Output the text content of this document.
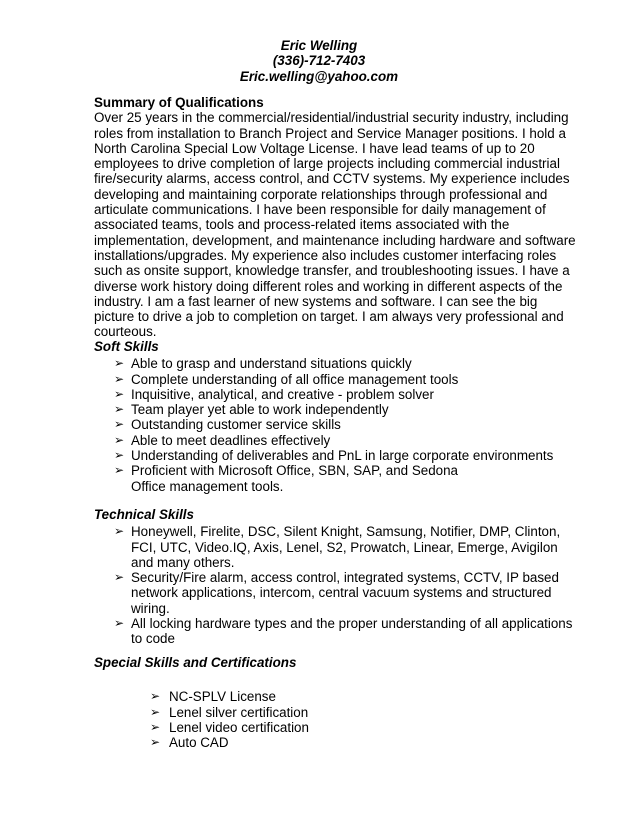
Eric Welling
(336)-712-7403
Eric.welling@yahoo.com
Summary of Qualifications
Over 25 years in the commercial/residential/industrial security industry, including
roles from installation to Branch Project and Service Manager positions. I hold a
North Carolina Special Low Voltage License. I have lead teams of up to 20
employees to drive completion of large projects including commercial industrial
fire/security alarms, access control, and CCTV systems. My experience includes
developing and maintaining corporate relationships through professional and
articulate communications. I have been responsible for daily management of
associated teams, tools and process-related items associated with the
implementation, development, and maintenance including hardware and software
installations/upgrades. My experience also includes customer interfacing roles
such as onsite support, knowledge transfer, and troubleshooting issues. I have a
diverse work history doing different roles and working in different aspects of the
industry. I am a fast learner of new systems and software. I can see the big
picture to drive a job to completion on target. I am always very professional and
courteous.
Soft Skills
➢ Able to grasp and understand situations quickly
➢ Complete understanding of all office management tools
➢ Inquisitive, analytical, and creative - problem solver
➢ Team player yet able to work independently
➢ Outstanding customer service skills
➢ Able to meet deadlines effectively
➢ Understanding of deliverables and PnL in large corporate environments
➢ Proficient with Microsoft Office, SBN, SAP, and Sedona
Office management tools.
Technical Skills
➢ Honeywell, Firelite, DSC, Silent Knight, Samsung, Notifier, DMP, Clinton,
FCI, UTC, Video.IQ, Axis, Lenel, S2, Prowatch, Linear, Emerge, Avigilon
and many others.
➢ Security/Fire alarm, access control, integrated systems, CCTV, IP based
network applications, intercom, central vacuum systems and structured
wiring.
➢ All locking hardware types and the proper understanding of all applications
to code
Special Skills and Certifications
➢ NC-SPLV License
➢ Lenel silver certification
➢ Lenel video certification
➢ Auto CAD
